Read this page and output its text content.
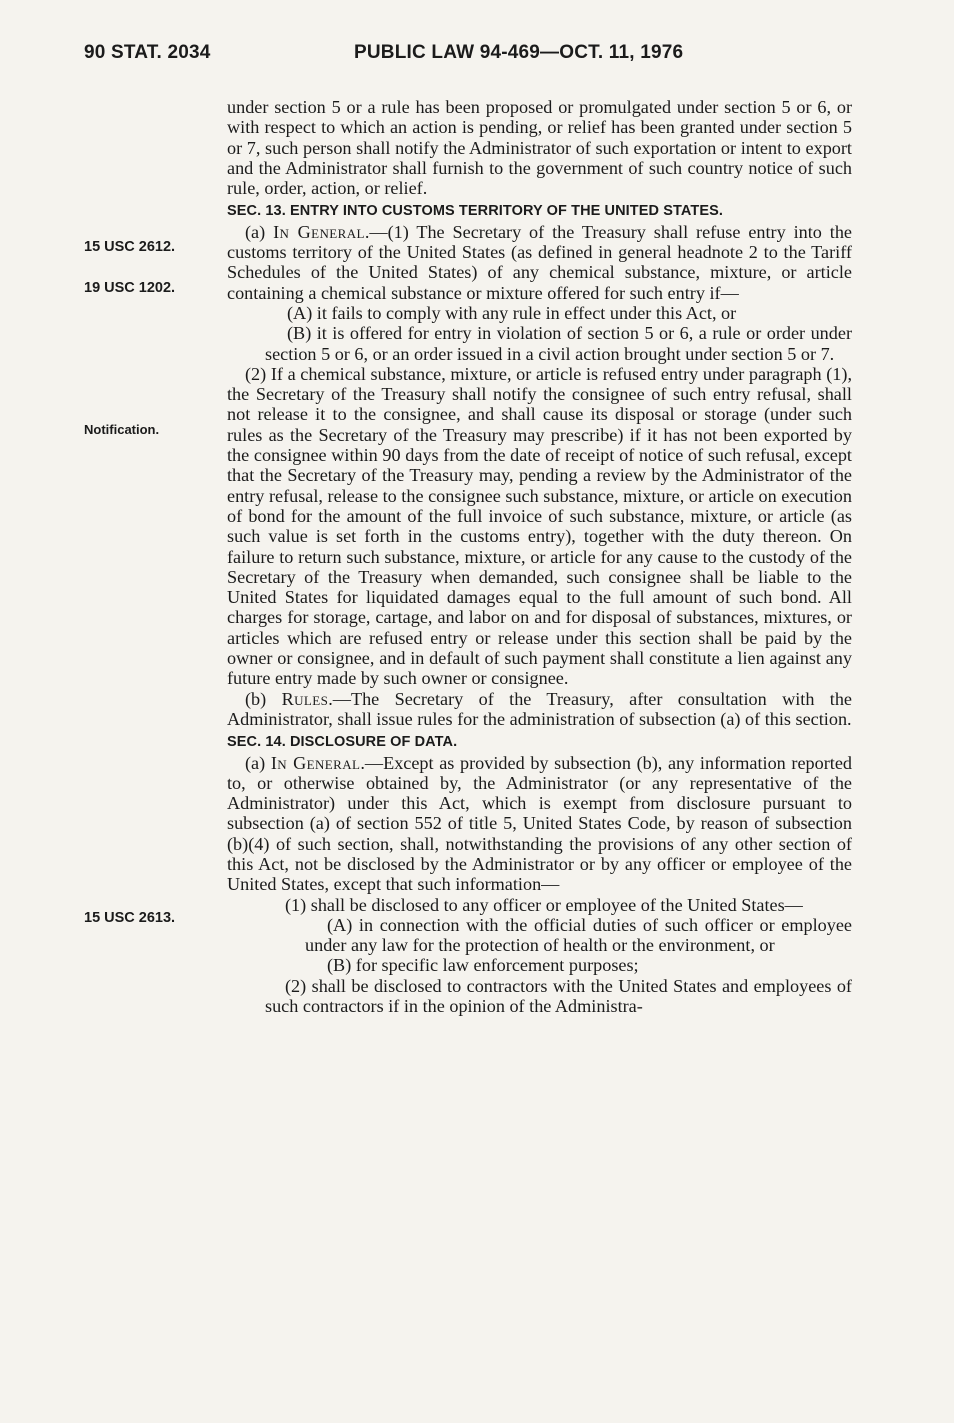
90 STAT. 2034	PUBLIC LAW 94-469—OCT. 11, 1976
15 USC 2612.
19 USC 1202.
Notification.
15 USC 2613.

under section 5 or a rule has been proposed or promulgated under section 5 or 6, or with respect to which an action is pending, or relief has been granted under section 5 or 7, such person shall notify the Administrator of such exportation or intent to export and the Administrator shall furnish to the government of such country notice of such rule, order, action, or relief.

SEC. 13. ENTRY INTO CUSTOMS TERRITORY OF THE UNITED STATES.

(a) In General.—(1) The Secretary of the Treasury shall refuse entry into the customs territory of the United States (as defined in general headnote 2 to the Tariff Schedules of the United States) of any chemical substance, mixture, or article containing a chemical substance or mixture offered for such entry if—

(A) it fails to comply with any rule in effect under this Act, or

(B) it is offered for entry in violation of section 5 or 6, a rule or order under section 5 or 6, or an order issued in a civil action brought under section 5 or 7.

(2) If a chemical substance, mixture, or article is refused entry under paragraph (1), the Secretary of the Treasury shall notify the consignee of such entry refusal, shall not release it to the consignee, and shall cause its disposal or storage (under such rules as the Secretary of the Treasury may prescribe) if it has not been exported by the consignee within 90 days from the date of receipt of notice of such refusal, except that the Secretary of the Treasury may, pending a review by the Administrator of the entry refusal, release to the consignee such substance, mixture, or article on execution of bond for the amount of the full invoice of such substance, mixture, or article (as such value is set forth in the customs entry), together with the duty thereon. On failure to return such substance, mixture, or article for any cause to the custody of the Secretary of the Treasury when demanded, such consignee shall be liable to the United States for liquidated damages equal to the full amount of such bond. All charges for storage, cartage, and labor on and for disposal of substances, mixtures, or articles which are refused entry or release under this section shall be paid by the owner or consignee, and in default of such payment shall constitute a lien against any future entry made by such owner or consignee.

(b) Rules.—The Secretary of the Treasury, after consultation with the Administrator, shall issue rules for the administration of subsection (a) of this section.

SEC. 14. DISCLOSURE OF DATA.

(a) In General.—Except as provided by subsection (b), any information reported to, or otherwise obtained by, the Administrator (or any representative of the Administrator) under this Act, which is exempt from disclosure pursuant to subsection (a) of section 552 of title 5, United States Code, by reason of subsection (b)(4) of such section, shall, notwithstanding the provisions of any other section of this Act, not be disclosed by the Administrator or by any officer or employee of the United States, except that such information—

(1) shall be disclosed to any officer or employee of the United States—

(A) in connection with the official duties of such officer or employee under any law for the protection of health or the environment, or

(B) for specific law enforcement purposes;

(2) shall be disclosed to contractors with the United States and employees of such contractors if in the opinion of the Administra-
